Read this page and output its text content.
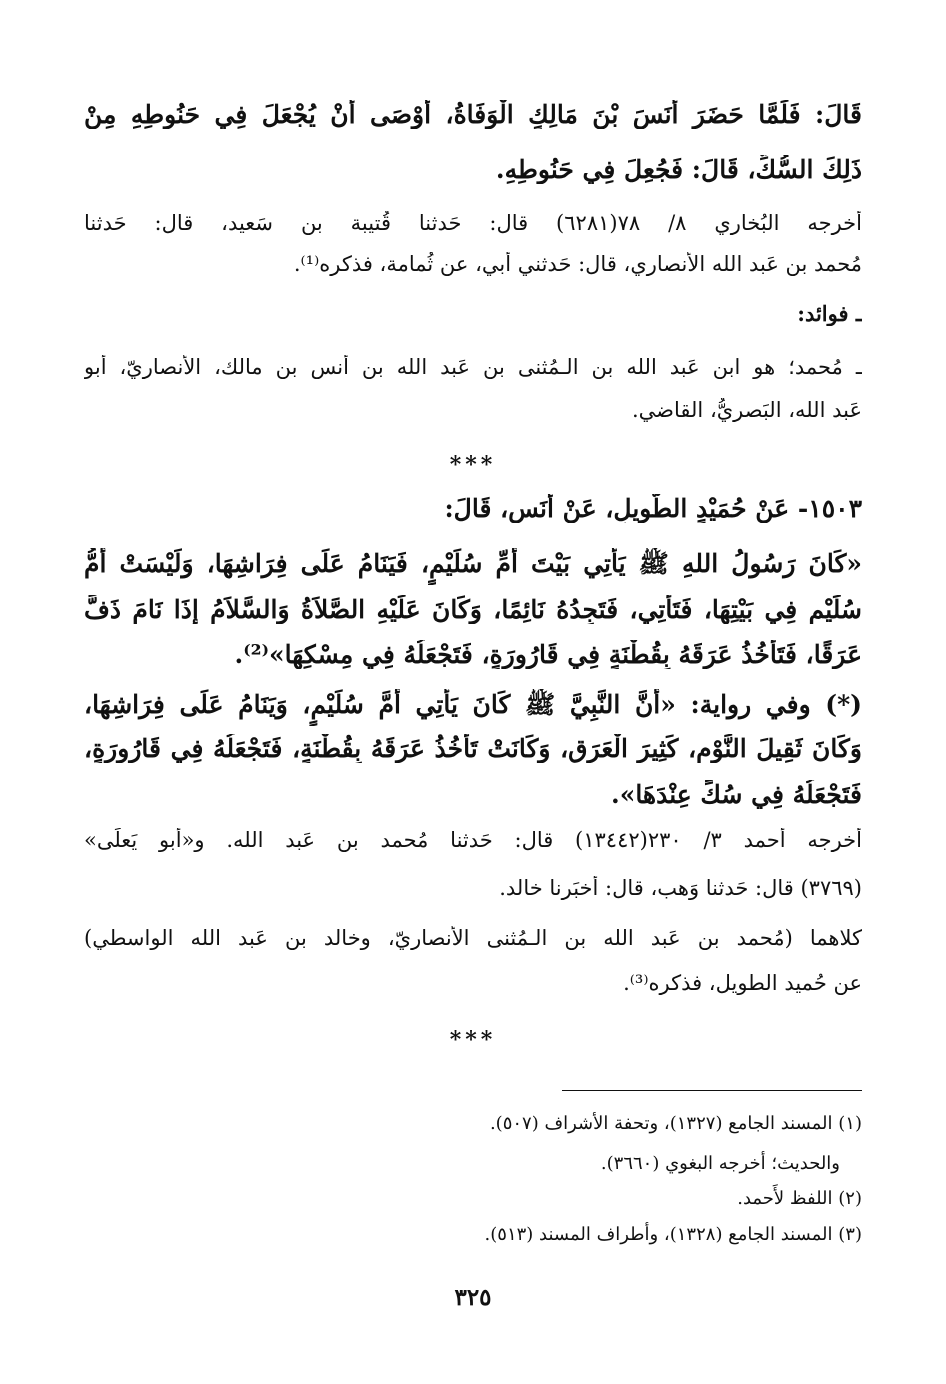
قَالَ: فَلَمَّا حَضَرَ أَنَسَ بْنَ مَالِكٍ الْوَفَاةُ، أَوْصَى أَنْ يُجْعَلَ فِي حَنُوطِهِ مِنْ
ذَلِكَ السُّكِّ، قَالَ: فَجُعِلَ فِي حَنُوطِهِ.
أخرجه البُخاري ٨/ ٧٨(٦٢٨١) قال: حَدثنا قُتيبة بن سَعيد، قال: حَدثنا
مُحمد بن عَبد الله الأَنصاري، قال: حَدثني أَبي، عن ثُمامة، فذكره⁽¹⁾.
ـ فوائد:
ـ مُحمد؛ هو ابن عَبد الله بن الـمُثنى بن عَبد الله بن أَنس بن مالك، الأَنصاريّ، أَبو
عَبد الله، البَصريُّ، القاضي.
***
١٥٠٣- عَنْ حُمَيْدٍ الطَّوِيلِ، عَنْ أَنَسٍ، قَالَ:
«كَانَ رَسُولُ اللهِ ﷺ يَأْتِي بَيْتَ أُمِّ سُلَيْمٍ، فَيَنَامُ عَلَى فِرَاشِهَا، وَلَيْسَتْ أُمُّ
سُلَيْمٍ فِي بَيْتِهَا، فَتَأْتِي، فَتَجِدُهُ نَائِمًا، وَكَانَ عَلَيْهِ الصَّلاَةُ وَالسَّلاَمُ إِذَا نَامَ ذَفَّ
عَرَقًا، فَتَأْخُذُ عَرَقَهُ بِقُطْنَةٍ فِي قَارُورَةٍ، فَتَجْعَلُهُ فِي مِسْكِهَا»⁽²⁾.
(*) وفي رواية: «أَنَّ النَّبِيَّ ﷺ كَانَ يَأْتِي أُمَّ سُلَيْمٍ، وَيَنَامُ عَلَى فِرَاشِهَا،
وَكَانَ ثَقِيلَ النَّوْمِ، كَثِيرَ الْعَرَقِ، وَكَانَتْ تَأْخُذُ عَرَقَهُ بِقُطْنَةٍ، فَتَجْعَلُهُ فِي قَارُورَةٍ،
فَتَجْعَلُهُ فِي سُكٍّ عِنْدَهَا».
أخرجه أَحمد ٣/ ٢٣٠(١٣٤٤٢) قال: حَدثنا مُحمد بن عَبد الله. و«أَبو يَعلَى»
(٣٧٦٩) قال: حَدثنا وَهب، قال: أَخبَرنا خالد.
كلاهما (مُحمد بن عَبد الله بن الـمُثنى الأَنصاريّ، وخالد بن عَبد الله الواسطي)
عن حُميد الطويل، فذكره⁽³⁾.
***
(١) المسند الجامع (١٣٢٧)، وتحفة الأشراف (٥٠٧).
والحديث؛ أخرجه البغوي (٣٦٦٠).
(٢) اللفظ لأَحمد.
(٣) المسند الجامع (١٣٢٨)، وأطراف المسند (٥١٣).
٣٢٥
